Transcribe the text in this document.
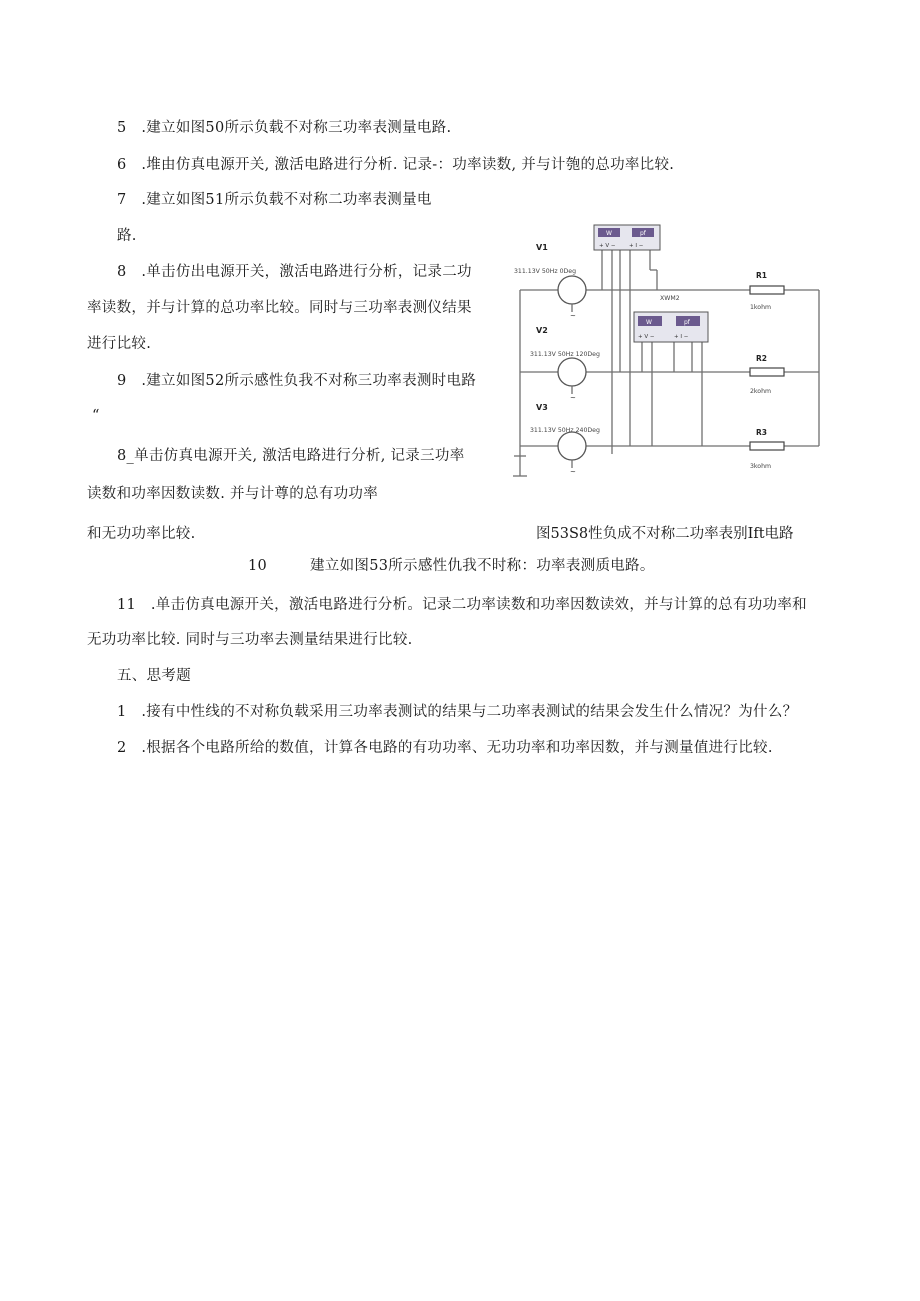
5　.建立如图50所示负载不对称三功率表测量电路.
6　.堆由仿真电源开关, 激活电路进行分析. 记录-：功率读数, 并与计匏的总功率比较.
7　.建立如图51所示负载不对称二功率表测量电
路.
8　.单击仿出电源开关，激活电路进行分析，记录二功
率读数，并与计算的总功率比较。同时与三功率表测仪结果
进行比较.
9　.建立如图52所示感性负我不对称三功率表测时电路
“
8_单击仿真电源开关, 激活电路进行分析, 记录三功率
读数和功率因数读数. 并与计尊的总有功功率
和无功功率比较.
10	建立如图53所示感性仇我不时称：功率表测质电路。
11　.单击仿真电源开关，激活电路进行分析。记录二功率读数和功率因数读效，并与计算的总有功功率和
无功功率比较. 同时与三功率去测量结果进行比较.
五、思考题
1　.接有中性线的不对称负载采用三功率表测试的结果与二功率表测试的结果会发生什么情况？为什么？
2　.根据各个电路所给的数值，计算各电路的有功功率、无功功率和功率因数，并与测量值进行比较.
W	pf
+ V − + I −
W	pf
+ V −	+ I −
~
~
~
V1
311.13V 50Hz 0Deg
V2
311.13V 50Hz 120Deg
V3
311.13V 50Hz 240Deg
XWM2
R1
1kohm
R2
2kohm
R3
3kohm
图53S8性负成不对称二功率表别Ift电路
